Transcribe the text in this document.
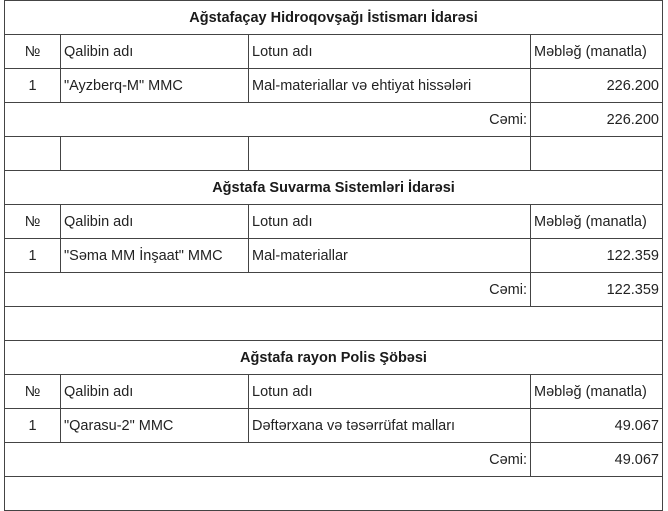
Ağstafaçay Hidroqovşağı İstismarı İdarəsi			
№	Qalibin adı	Lotun adı	Məbləğ (manatla)
1	"Ayzberq-M" MMC	Mal-materiallar və ehtiyat hissələri	226.200
Cəmi:			226.200

Ağstafa Suvarma Sistemləri İdarəsi			
№	Qalibin adı	Lotun adı	Məbləğ (manatla)
1	"Səma MM İnşaat" MMC	Mal-materiallar	122.359
Cəmi:			122.359

Ağstafa rayon Polis Şöbəsi			
№	Qalibin adı	Lotun adı	Məbləğ (manatla)
1	"Qarasu-2" MMC	Dəftərxana və təsərrüfat malları	49.067
Cəmi:			49.067
